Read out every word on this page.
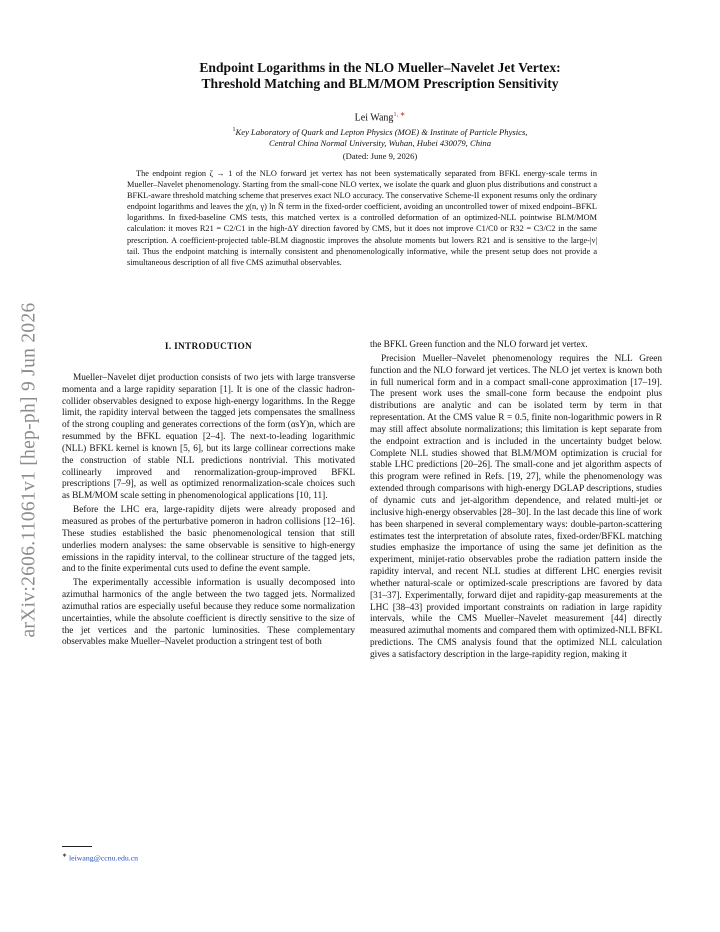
arXiv:2606.11061v1 [hep-ph] 9 Jun 2026
Endpoint Logarithms in the NLO Mueller–Navelet Jet Vertex:
Threshold Matching and BLM/MOM Prescription Sensitivity
Lei Wang$^{1, ∗}$
$^1$Key Laboratory of Quark and Lepton Physics (MOE) & Institute of Particle Physics,
Central China Normal University, Wuhan, Hubei 430079, China
(Dated: June 9, 2026)

The endpoint region ζ → 1 of the NLO forward jet vertex has not been systematically separated from BFKL energy-scale terms in Mueller–Navelet phenomenology. Starting from the small-cone NLO vertex, we isolate the quark and gluon plus distributions and construct a BFKL-aware threshold matching scheme that preserves exact NLO accuracy. The conservative Scheme-II exponent resums only the ordinary endpoint logarithms and leaves the χ(n, γ) ln N̄ term in the fixed-order coefficient, avoiding an uncontrolled tower of mixed endpoint–BFKL logarithms. In fixed-baseline CMS tests, this matched vertex is a controlled deformation of an optimized-NLL pointwise BLM/MOM calculation: it moves R21 = C2/C1 in the high-ΔY direction favored by CMS, but it does not improve C1/C0 or R32 = C3/C2 in the same prescription. A coefficient-projected table-BLM diagnostic improves the absolute moments but lowers R21 and is sensitive to the large-|ν| tail. Thus the endpoint matching is internally consistent and phenomenologically informative, while the present setup does not provide a simultaneous description of all five CMS azimuthal observables.

I. INTRODUCTION

Mueller–Navelet dijet production consists of two jets with large transverse momenta and a large rapidity separation [1]. It is one of the classic hadron-collider observables designed to expose high-energy logarithms. In the Regge limit, the rapidity interval between the tagged jets compensates the smallness of the strong coupling and generates corrections of the form (αsY)n, which are resummed by the BFKL equation [2–4]. The next-to-leading logarithmic (NLL) BFKL kernel is known [5, 6], but its large collinear corrections make the construction of stable NLL predictions nontrivial. This motivated collinearly improved and renormalization-group-improved BFKL prescriptions [7–9], as well as optimized renormalization-scale choices such as BLM/MOM scale setting in phenomenological applications [10, 11].

Before the LHC era, large-rapidity dijets were already proposed and measured as probes of the perturbative pomeron in hadron collisions [12–16]. These studies established the basic phenomenological tension that still underlies modern analyses: the same observable is sensitive to high-energy emissions in the rapidity interval, to the collinear structure of the tagged jets, and to the finite experimental cuts used to define the event sample.

The experimentally accessible information is usually decomposed into azimuthal harmonics of the angle between the two tagged jets. Normalized azimuthal ratios are especially useful because they reduce some normalization uncertainties, while the absolute coefficient is directly sensitive to the size of the jet vertices and the partonic luminosities. These complementary observables make Mueller–Navelet production a stringent test of both

the BFKL Green function and the NLO forward jet vertex.

Precision Mueller–Navelet phenomenology requires the NLL Green function and the NLO forward jet vertices. The NLO jet vertex is known both in full numerical form and in a compact small-cone approximation [17–19]. The present work uses the small-cone form because the endpoint plus distributions are analytic and can be isolated term by term in that representation. At the CMS value R = 0.5, finite non-logarithmic powers in R may still affect absolute normalizations; this limitation is kept separate from the endpoint extraction and is included in the uncertainty budget below. Complete NLL studies showed that BLM/MOM optimization is crucial for stable LHC predictions [20–26]. The small-cone and jet algorithm aspects of this program were refined in Refs. [19, 27], while the phenomenology was extended through comparisons with high-energy DGLAP descriptions, studies of dynamic cuts and jet-algorithm dependence, and related multi-jet or inclusive high-energy observables [28–30]. In the last decade this line of work has been sharpened in several complementary ways: double-parton-scattering estimates test the interpretation of absolute rates, fixed-order/BFKL matching studies emphasize the importance of using the same jet definition as the experiment, minijet-ratio observables probe the radiation pattern inside the rapidity interval, and recent NLL studies at different LHC energies revisit whether natural-scale or optimized-scale prescriptions are favored by data [31–37]. Experimentally, forward dijet and rapidity-gap measurements at the LHC [38–43] provided important constraints on radiation in large rapidity intervals, while the CMS Mueller–Navelet measurement [44] directly measured azimuthal moments and compared them with optimized-NLL BFKL predictions. The CMS analysis found that the optimized NLL calculation gives a satisfactory description in the large-rapidity region, making it

∗ leiwang@ccnu.edu.cn
